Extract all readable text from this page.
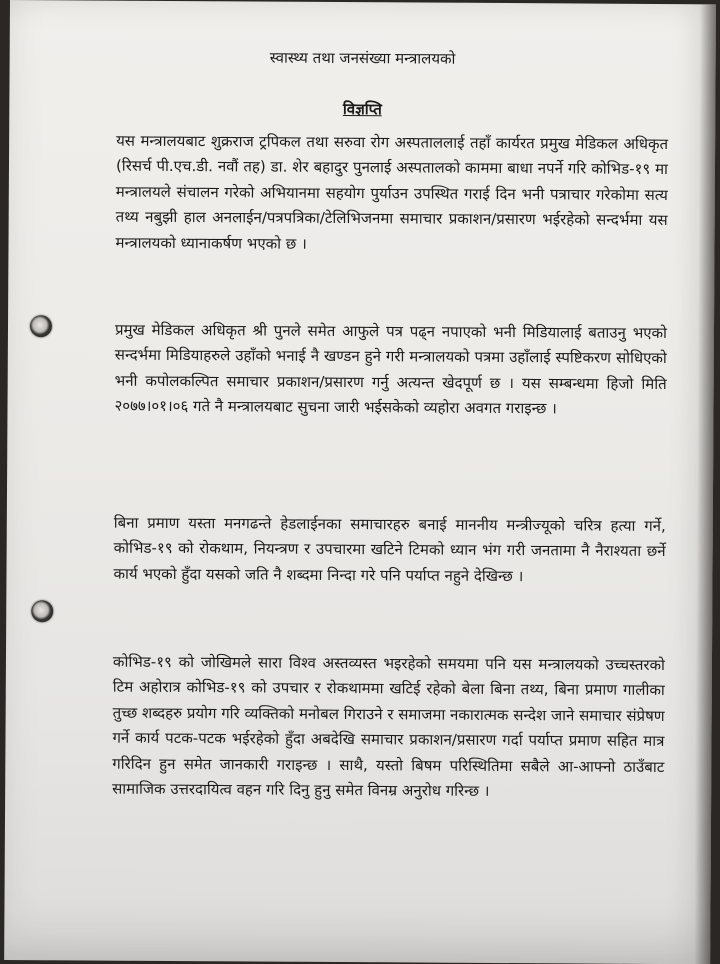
स्वास्थ्य तथा जनसंख्या मन्त्रालयको
विज्ञप्ति

यस मन्त्रालयबाट शुक्रराज ट्रपिकल तथा सरुवा रोग अस्पताललाई तहाँ कार्यरत प्रमुख मेडिकल अधिकृत (रिसर्च पी.एच.डी. नवौं तह) डा. शेर बहादुर पुनलाई अस्पतालको काममा बाधा नपर्ने गरि कोभिड-१९ मा मन्त्रालयले संचालन गरेको अभियानमा सहयोग पुर्याउन उपस्थित गराई दिन भनी पत्राचार गरेकोमा सत्य तथ्य नबुझी हाल अनलाईन/पत्रपत्रिका/टेलिभिजनमा समाचार प्रकाशन/प्रसारण भईरहेको सन्दर्भमा यस मन्त्रालयको ध्यानाकर्षण भएको छ ।

प्रमुख मेडिकल अधिकृत श्री पुनले समेत आफुले पत्र पढ्न नपाएको भनी मिडियालाई बताउनु भएको सन्दर्भमा मिडियाहरुले उहाँको भनाई नै खण्डन हुने गरी मन्त्रालयको पत्रमा उहाँलाई स्पष्टिकरण सोधिएको भनी कपोलकल्पित समाचार प्रकाशन/प्रसारण गर्नु अत्यन्त खेदपूर्ण छ । यस सम्बन्धमा हिजो मिति २०७७।०१।०६ गते नै मन्त्रालयबाट सुचना जारी भईसकेको व्यहोरा अवगत गराइन्छ ।

बिना प्रमाण यस्ता मनगढन्ते हेडलाईनका समाचारहरु बनाई माननीय मन्त्रीज्यूको चरित्र हत्या गर्ने, कोभिड-१९ को रोकथाम, नियन्त्रण र उपचारमा खटिने टिमको ध्यान भंग गरी जनतामा नै नैराश्यता छर्ने कार्य भएको हुँदा यसको जति नै शब्दमा निन्दा गरे पनि पर्याप्त नहुने देखिन्छ ।

कोभिड-१९ को जोखिमले सारा विश्व अस्तव्यस्त भइरहेको समयमा पनि यस मन्त्रालयको उच्चस्तरको टिम अहोरात्र कोभिड-१९ को उपचार र रोकथाममा खटिई रहेको बेला बिना तथ्य, बिना प्रमाण गालीका तुच्छ शब्दहरु प्रयोग गरि व्यक्तिको मनोबल गिराउने र समाजमा नकारात्मक सन्देश जाने समाचार संप्रेषण गर्ने कार्य पटक-पटक भईरहेको हुँदा अबदेखि समाचार प्रकाशन/प्रसारण गर्दा पर्याप्त प्रमाण सहित मात्र गरिदिन हुन समेत जानकारी गराइन्छ । साथै, यस्तो बिषम परिस्थितिमा सबैले आ-आफ्नो ठाउँबाट सामाजिक उत्तरदायित्व वहन गरि दिनु हुनु समेत विनम्र अनुरोध गरिन्छ ।
